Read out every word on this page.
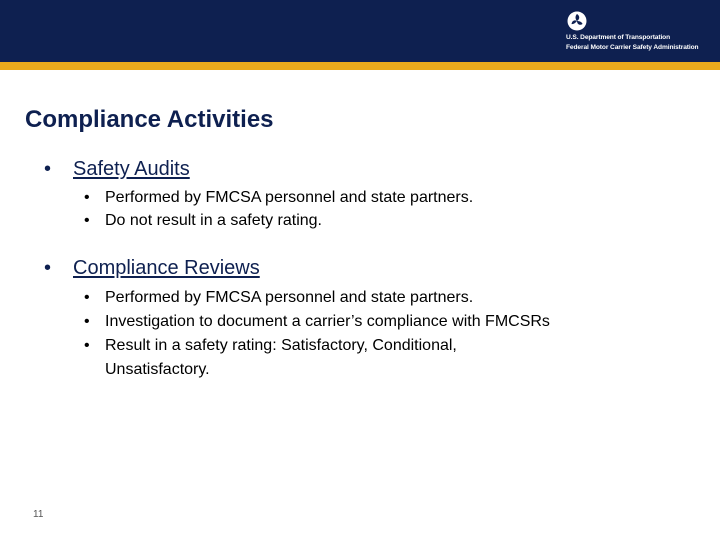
U.S. Department of Transportation
Federal Motor Carrier Safety Administration
Compliance Activities
• Safety Audits
• Performed by FMCSA personnel and state partners.
• Do not result in a safety rating.
• Compliance Reviews
• Performed by FMCSA personnel and state partners.
• Investigation to document a carrier’s compliance with FMCSRs
• Result in a safety rating: Satisfactory, Conditional,
Unsatisfactory.
11
